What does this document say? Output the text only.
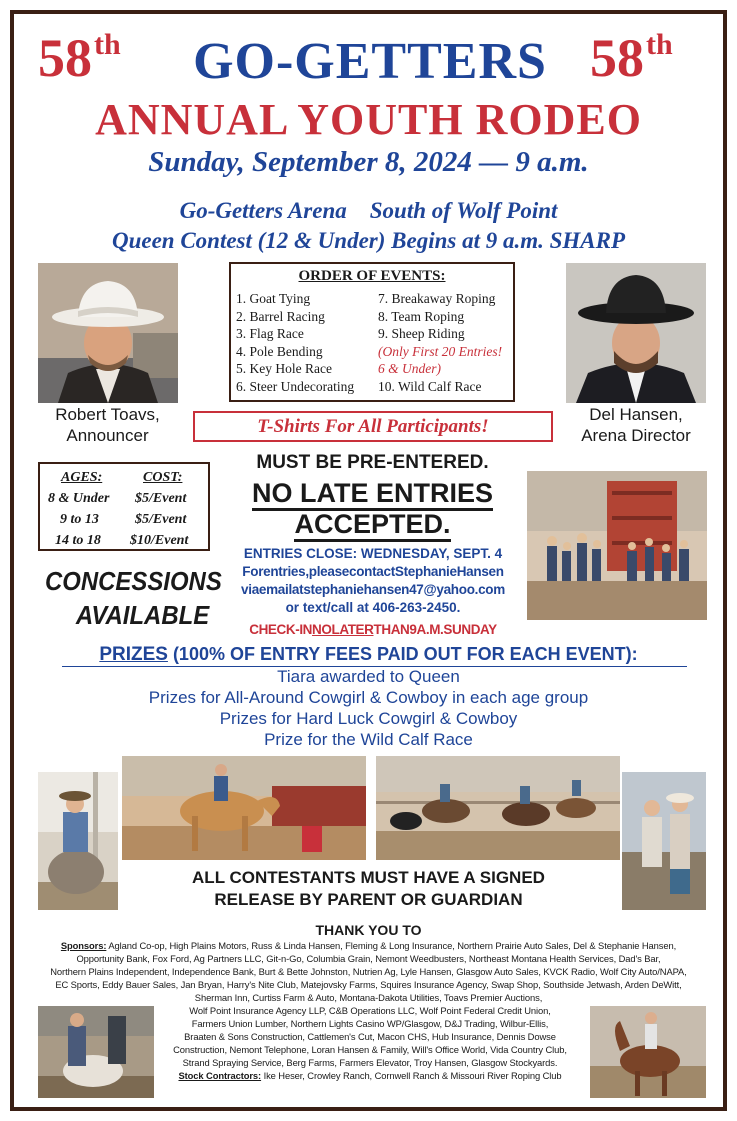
58th	58th
GO-GETTERS
ANNUAL YOUTH RODEO
Sunday, September 8, 2024 — 9 a.m.
Go-Getters Arena    South of Wolf Point
Queen Contest (12 & Under) Begins at 9 a.m. SHARP
Robert Toavs,
Announcer
Del Hansen,
Arena Director
ORDER OF EVENTS:
1. Goat Tying
2. Barrel Racing
3. Flag Race
4. Pole Bending
5. Key Hole Race
6. Steer Undecorating
7. Breakaway Roping
8. Team Roping
9. Sheep Riding
(Only First 20 Entries!
6 & Under)
10. Wild Calf Race
T-Shirts For All Participants!
AGES:	COST:
8 & Under $5/Event
9 to 13	$5/Event
14 to 18 $10/Event
CONCESSIONS
AVAILABLE
MUST BE PRE-ENTERED.
NO LATE ENTRIES
ACCEPTED.
ENTRIES CLOSE: WEDNESDAY, SEPT. 4
Forentries,pleasecontactStephanieHansen
viaemailatstephaniehansen47@yahoo.com
or text/call at 406-263-2450.
CHECK-INNOLATERTHAN9A.M.SUNDAY
PRIZES (100% OF ENTRY FEES PAID OUT FOR EACH EVENT):
Tiara awarded to Queen
Prizes for All-Around Cowgirl & Cowboy in each age group
Prizes for Hard Luck Cowgirl & Cowboy
Prize for the Wild Calf Race
ALL CONTESTANTS MUST HAVE A SIGNED
RELEASE BY PARENT OR GUARDIAN
THANK YOU TO
Sponsors: Agland Co-op, High Plains Motors, Russ & Linda Hansen, Fleming & Long Insurance, Northern Prairie Auto Sales, Del & Stephanie Hansen,
Opportunity Bank, Fox Ford, Ag Partners LLC, Git-n-Go, Columbia Grain, Nemont Weedbusters, Northeast Montana Health Services, Dad's Bar,
Northern Plains Independent, Independence Bank, Burt & Bette Johnston, Nutrien Ag, Lyle Hansen, Glasgow Auto Sales, KVCK Radio, Wolf City Auto/NAPA,
EC Sports, Eddy Bauer Sales, Jan Bryan, Harry's Nite Club, Matejovsky Farms, Squires Insurance Agency, Swap Shop, Southside Jetwash, Arden DeWitt,
Sherman Inn, Curtiss Farm & Auto, Montana-Dakota Utilities, Toavs Premier Auctions,
Wolf Point Insurance Agency LLP, C&B Operations LLC, Wolf Point Federal Credit Union,
Farmers Union Lumber, Northern Lights Casino WP/Glasgow, D&J Trading, Wilbur-Ellis,
Braaten & Sons Construction, Cattlemen's Cut, Macon CHS, Hub Insurance, Dennis Dowse
Construction, Nemont Telephone, Loran Hansen & Family, Will's Office World, Vida Country Club,
Strand Spraying Service, Berg Farms, Farmers Elevator, Troy Hansen, Glasgow Stockyards.
Stock Contractors: Ike Heser, Crowley Ranch, Cornwell Ranch & Missouri River Roping Club
